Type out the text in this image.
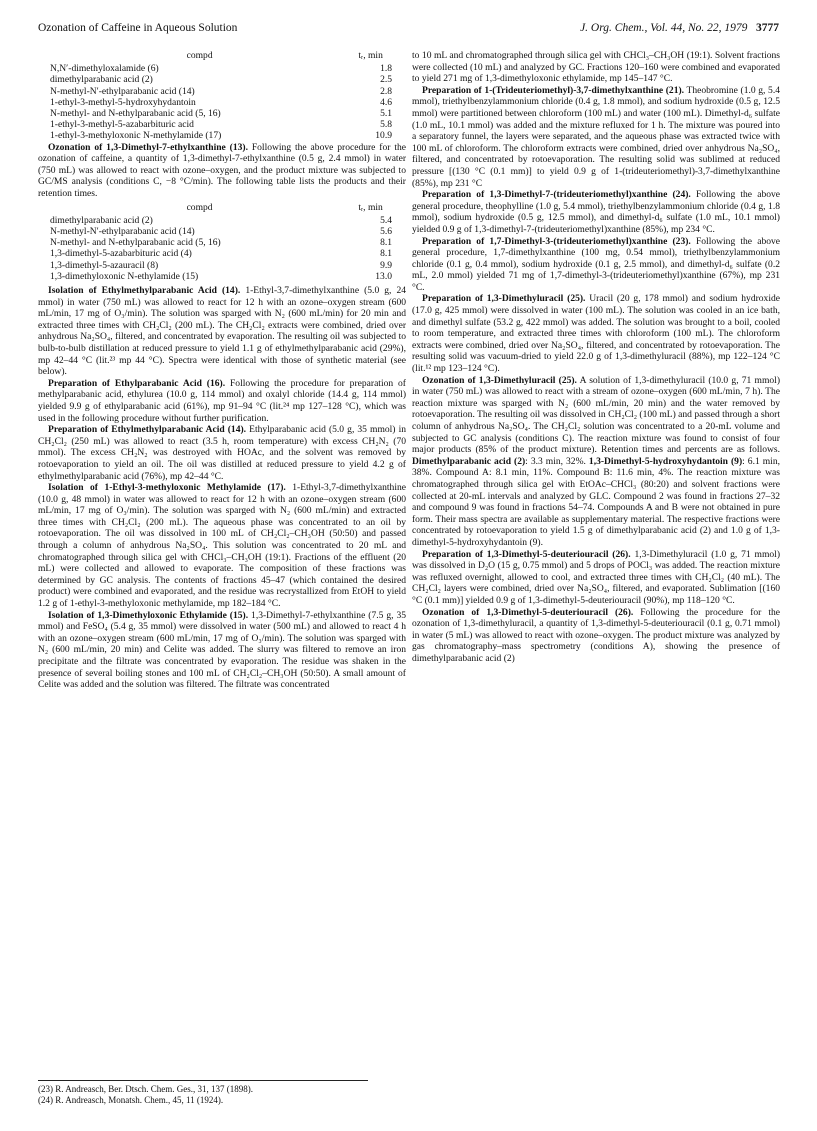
Ozonation of Caffeine in Aqueous Solution	J. Org. Chem., Vol. 44, No. 22, 1979 3777
compd	tᵣ, min
N,N′-dimethyloxalamide (6)	1.8
dimethylparabanic acid (2)	2.5
N-methyl-N′-ethylparabanic acid (14)	2.8
1-ethyl-3-methyl-5-hydroxyhydantoin	4.6
N-methyl- and N-ethylparabanic acid (5, 16)	5.1
1-ethyl-3-methyl-5-azabarbituric acid	5.8
1-ethyl-3-methyloxonic N-methylamide (17)	10.9

Ozonation of 1,3-Dimethyl-7-ethylxanthine (13). Following the above procedure for the ozonation of caffeine, a quantity of 1,3-dimethyl-7-ethylxanthine (0.5 g, 2.4 mmol) in water (750 mL) was allowed to react with ozone–oxygen, and the product mixture was subjected to GC/MS analysis (conditions C, −8 °C/min). The following table lists the products and their retention times.

compd	tᵣ, min
dimethylparabanic acid (2)	5.4
N-methyl-N′-ethylparabanic acid (14)	5.6
N-methyl- and N-ethylparabanic acid (5, 16)	8.1
1,3-dimethyl-5-azabarbituric acid (4)	8.1
1,3-dimethyl-5-azauracil (8)	9.9
1,3-dimethyloxonic N-ethylamide (15)	13.0

Isolation of Ethylmethylparabanic Acid (14). 1-Ethyl-3,7-dimethylxanthine (5.0 g, 24 mmol) in water (750 mL) was allowed to react for 12 h with an ozone–oxygen stream (600 mL/min, 17 mg of O₃/min). The solution was sparged with N₂ (600 mL/min) for 20 min and extracted three times with CH₂Cl₂ (200 mL). The CH₂Cl₂ extracts were combined, dried over anhydrous Na₂SO₄, filtered, and concentrated by evaporation. The resulting oil was subjected to bulb-to-bulb distillation at reduced pressure to yield 1.1 g of ethylmethylparabanic acid (29%), mp 42–44 °C (lit.²³ mp 44 °C). Spectra were identical with those of synthetic material (see below).

Preparation of Ethylparabanic Acid (16). Following the procedure for preparation of methylparabanic acid, ethylurea (10.0 g, 114 mmol) and oxalyl chloride (14.4 g, 114 mmol) yielded 9.9 g of ethylparabanic acid (61%), mp 91–94 °C (lit.²⁴ mp 127–128 °C), which was used in the following procedure without further purification.

Preparation of Ethylmethylparabanic Acid (14). Ethylparabanic acid (5.0 g, 35 mmol) in CH₂Cl₂ (250 mL) was allowed to react (3.5 h, room temperature) with excess CH₂N₂ (70 mmol). The excess CH₂N₂ was destroyed with HOAc, and the solvent was removed by rotoevaporation to yield an oil. The oil was distilled at reduced pressure to yield 4.2 g of ethylmethylparabanic acid (76%), mp 42–44 °C.

Isolation of 1-Ethyl-3-methyloxonic Methylamide (17). 1-Ethyl-3,7-dimethylxanthine (10.0 g, 48 mmol) in water was allowed to react for 12 h with an ozone–oxygen stream (600 mL/min, 17 mg of O₃/min). The solution was sparged with N₂ (600 mL/min) and extracted three times with CH₂Cl₂ (200 mL). The aqueous phase was concentrated to an oil by rotoevaporation. The oil was dissolved in 100 mL of CH₂Cl₂–CH₃OH (50:50) and passed through a column of anhydrous Na₂SO₄. This solution was concentrated to 20 mL and chromatographed through silica gel with CHCl₃–CH₃OH (19:1). Fractions of the effluent (20 mL) were collected and allowed to evaporate. The composition of these fractions was determined by GC analysis. The contents of fractions 45–47 (which contained the desired product) were combined and evaporated, and the residue was recrystallized from EtOH to yield 1.2 g of 1-ethyl-3-methyloxonic methylamide, mp 182–184 °C.

Isolation of 1,3-Dimethyloxonic Ethylamide (15). 1,3-Dimethyl-7-ethylxanthine (7.5 g, 35 mmol) and FeSO₄ (5.4 g, 35 mmol) were dissolved in water (500 mL) and allowed to react 4 h with an ozone–oxygen stream (600 mL/min, 17 mg of O₃/min). The solution was sparged with N₂ (600 mL/min, 20 min) and Celite was added. The slurry was filtered to remove an iron precipitate and the filtrate was concentrated by evaporation. The residue was shaken in the presence of several boiling stones and 100 mL of CH₂Cl₂–CH₃OH (50:50). A small amount of Celite was added and the solution was filtered. The filtrate was concentrated

to 10 mL and chromatographed through silica gel with CHCl₃–CH₃OH (19:1). Solvent fractions were collected (10 mL) and analyzed by GC. Fractions 120–160 were combined and evaporated to yield 271 mg of 1,3-dimethyloxonic ethylamide, mp 145–147 °C.

Preparation of 1-(Trideuteriomethyl)-3,7-dimethylxanthine (21). Theobromine (1.0 g, 5.4 mmol), triethylbenzylammonium chloride (0.4 g, 1.8 mmol), and sodium hydroxide (0.5 g, 12.5 mmol) were partitioned between chloroform (100 mL) and water (100 mL). Dimethyl-d₆ sulfate (1.0 mL, 10.1 mmol) was added and the mixture refluxed for 1 h. The mixture was poured into a separatory funnel, the layers were separated, and the aqueous phase was extracted twice with 100 mL of chloroform. The chloroform extracts were combined, dried over anhydrous Na₂SO₄, filtered, and concentrated by rotoevaporation. The resulting solid was sublimed at reduced pressure [(130 °C (0.1 mm)] to yield 0.9 g of 1-(trideuteriomethyl)-3,7-dimethylxanthine (85%), mp 231 °C

Preparation of 1,3-Dimethyl-7-(trideuteriomethyl)xanthine (24). Following the above general procedure, theophylline (1.0 g, 5.4 mmol), triethylbenzylammonium chloride (0.4 g, 1.8 mmol), sodium hydroxide (0.5 g, 12.5 mmol), and dimethyl-d₆ sulfate (1.0 mL, 10.1 mmol) yielded 0.9 g of 1,3-dimethyl-7-(trideuteriomethyl)xanthine (85%), mp 234 °C.

Preparation of 1,7-Dimethyl-3-(trideuteriomethyl)xanthine (23). Following the above general procedure, 1,7-dimethylxanthine (100 mg, 0.54 mmol), triethylbenzylammonium chloride (0.1 g, 0.4 mmol), sodium hydroxide (0.1 g, 2.5 mmol), and dimethyl-d₆ sulfate (0.2 mL, 2.0 mmol) yielded 71 mg of 1,7-dimethyl-3-(trideuteriomethyl)xanthine (67%), mp 231 °C.

Preparation of 1,3-Dimethyluracil (25). Uracil (20 g, 178 mmol) and sodium hydroxide (17.0 g, 425 mmol) were dissolved in water (100 mL). The solution was cooled in an ice bath, and dimethyl sulfate (53.2 g, 422 mmol) was added. The solution was brought to a boil, cooled to room temperature, and extracted three times with chloroform (100 mL). The chloroform extracts were combined, dried over Na₂SO₄, filtered, and concentrated by rotoevaporation. The resulting solid was vacuum-dried to yield 22.0 g of 1,3-dimethyluracil (88%), mp 122–124 °C (lit.¹² mp 123–124 °C).

Ozonation of 1,3-Dimethyluracil (25). A solution of 1,3-dimethyluracil (10.0 g, 71 mmol) in water (750 mL) was allowed to react with a stream of ozone–oxygen (600 mL/min, 7 h). The reaction mixture was sparged with N₂ (600 mL/min, 20 min) and the water removed by rotoevaporation. The resulting oil was dissolved in CH₂Cl₂ (100 mL) and passed through a short column of anhydrous Na₂SO₄. The CH₂Cl₂ solution was concentrated to a 20-mL volume and subjected to GC analysis (conditions C). The reaction mixture was found to consist of four major products (85% of the product mixture). Retention times and percents are as follows. Dimethylparabanic acid (2): 3.3 min, 32%. 1,3-Dimethyl-5-hydroxyhydantoin (9): 6.1 min, 38%. Compound A: 8.1 min, 11%. Compound B: 11.6 min, 4%. The reaction mixture was chromatographed through silica gel with EtOAc–CHCl₃ (80:20) and solvent fractions were collected at 20-mL intervals and analyzed by GLC. Compound 2 was found in fractions 27–32 and compound 9 was found in fractions 54–74. Compounds A and B were not obtained in pure form. Their mass spectra are available as supplementary material. The respective fractions were concentrated by rotoevaporation to yield 1.5 g of dimethylparabanic acid (2) and 1.0 g of 1,3-dimethyl-5-hydroxyhydantoin (9).

Preparation of 1,3-Dimethyl-5-deuteriouracil (26). 1,3-Dimethyluracil (1.0 g, 71 mmol) was dissolved in D₂O (15 g, 0.75 mmol) and 5 drops of POCl₃ was added. The reaction mixture was refluxed overnight, allowed to cool, and extracted three times with CH₂Cl₂ (40 mL). The CH₂Cl₂ layers were combined, dried over Na₂SO₄, filtered, and evaporated. Sublimation [(160 °C (0.1 mm)] yielded 0.9 g of 1,3-dimethyl-5-deuteriouracil (90%), mp 118–120 °C.

Ozonation of 1,3-Dimethyl-5-deuteriouracil (26). Following the procedure for the ozonation of 1,3-dimethyluracil, a quantity of 1,3-dimethyl-5-deuteriouracil (0.1 g, 0.71 mmol) in water (5 mL) was allowed to react with ozone–oxygen. The product mixture was analyzed by gas chromatography–mass spectrometry (conditions A), showing the presence of dimethylparabanic acid (2)

(23) R. Andreasch, Ber. Dtsch. Chem. Ges., 31, 137 (1898).
(24) R. Andreasch, Monatsh. Chem., 45, 11 (1924).
